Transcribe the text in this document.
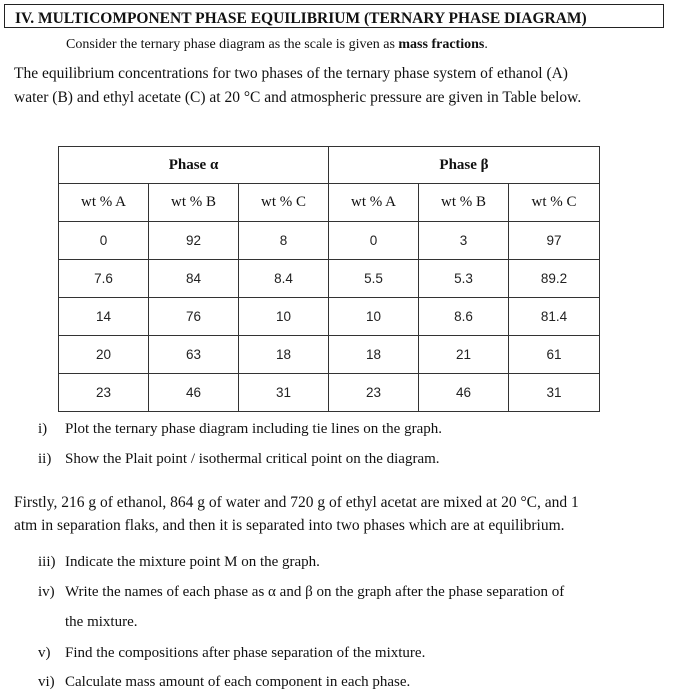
IV. MULTICOMPONENT PHASE EQUILIBRIUM (TERNARY PHASE DIAGRAM)
Consider the ternary phase diagram as the scale is given as mass fractions.
The equilibrium concentrations for two phases of the ternary phase system of ethanol (A)
water (B) and ethyl acetate (C) at 20 °C and atmospheric pressure are given in Table below.
Phase α			Phase β		
wt % A	wt % B	wt % C	wt % A	wt % B	wt % C
0	92	8	0	3	97
7.6	84	8.4	5.5	5.3	89.2
14	76	10	10	8.6	81.4
20	63	18	18	21	61
23	46	31	23	46	31
i) Plot the ternary phase diagram including tie lines on the graph.
ii) Show the Plait point / isothermal critical point on the diagram.
Firstly, 216 g of ethanol, 864 g of water and 720 g of ethyl acetat are mixed at 20 °C, and 1
atm in separation flaks, and then it is separated into two phases which are at equilibrium.
iii) Indicate the mixture point M on the graph.
iv) Write the names of each phase as α and β on the graph after the phase separation of
the mixture.
v) Find the compositions after phase separation of the mixture.
vi) Calculate mass amount of each component in each phase.
